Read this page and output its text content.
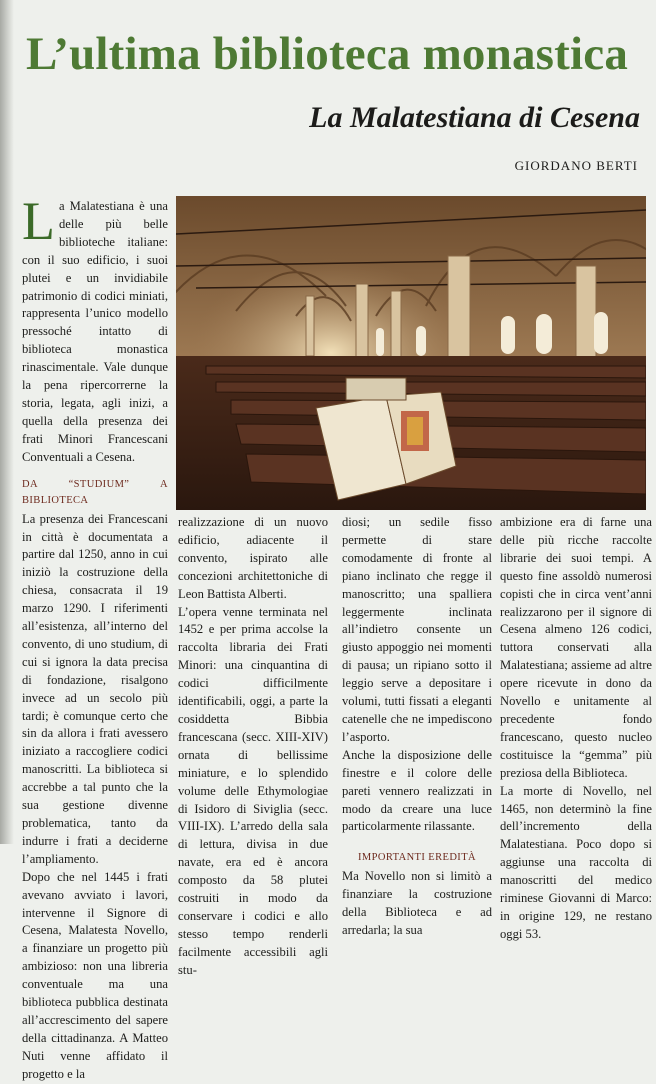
L’ultima biblioteca monastica
La Malatestiana di Cesena
GIORDANO BERTI

La Malatestiana è una delle più belle biblioteche italiane: con il suo edificio, i suoi plutei e un invidiabile patrimonio di codici miniati, rappresenta l’unico modello pressoché intatto di biblioteca monastica rinascimentale. Vale dunque la pena ripercorrerne la storia, legata, agli inizi, a quella della presenza dei frati Minori Francescani Conventuali a Cesena.

DA “STUDIUM” A BIBLIOTECA

La presenza dei Francescani in città è documentata a partire dal 1250, anno in cui iniziò la costruzione della chiesa, consacrata il 19 marzo 1290. I riferimenti all’esistenza, all’interno del convento, di uno studium, di cui si ignora la data precisa di fondazione, risalgono invece ad un secolo più tardi; è comunque certo che sin da allora i frati avessero iniziato a raccogliere codici manoscritti. La biblioteca si accrebbe a tal punto che la sua gestione divenne problematica, tanto da indurre i frati a deciderne l’ampliamento.

Dopo che nel 1445 i frati avevano avviato i lavori, intervenne il Signore di Cesena, Malatesta Novello, a finanziare un progetto più ambizioso: non una libreria conventuale ma una biblioteca pubblica destinata all’accrescimento del sapere della cittadinanza. A Matteo Nuti venne affidato il progetto e la

realizzazione di un nuovo edificio, adiacente il convento, ispirato alle concezioni architettoniche di Leon Battista Alberti.

L’opera venne terminata nel 1452 e per prima accolse la raccolta libraria dei Frati Minori: una cinquantina di codici difficilmente identificabili, oggi, a parte la cosiddetta Bibbia francescana (secc. XIII-XIV) ornata di bellissime miniature, e lo splendido volume delle Ethymologiae di Isidoro di Siviglia (secc. VIII-IX). L’arredo della sala di lettura, divisa in due navate, era ed è ancora composto da 58 plutei costruiti in modo da conservare i codici e allo stesso tempo renderli facilmente accessibili agli stu-

diosi; un sedile fisso permette di stare comodamente di fronte al piano inclinato che regge il manoscritto; una spalliera leggermente inclinata all’indietro consente un giusto appoggio nei momenti di pausa; un ripiano sotto il leggio serve a depositare i volumi, tutti fissati a eleganti catenelle che ne impediscono l’asporto.

Anche la disposizione delle finestre e il colore delle pareti vennero realizzati in modo da creare una luce particolarmente rilassante.

IMPORTANTI EREDITÀ

Ma Novello non si limitò a finanziare la costruzione della Biblioteca e ad arredarla; la sua

ambizione era di farne una delle più ricche raccolte librarie dei suoi tempi. A questo fine assoldò numerosi copisti che in circa vent’anni realizzarono per il signore di Cesena almeno 126 codici, tuttora conservati alla Malatestiana; assieme ad altre opere ricevute in dono da Novello e unitamente al precedente fondo francescano, questo nucleo costituisce la “gemma” più preziosa della Biblioteca.

La morte di Novello, nel 1465, non determinò la fine dell’incremento della Malatestiana. Poco dopo si aggiunse una raccolta di manoscritti del medico riminese Giovanni di Marco: in origine 129, ne restano oggi 53.
